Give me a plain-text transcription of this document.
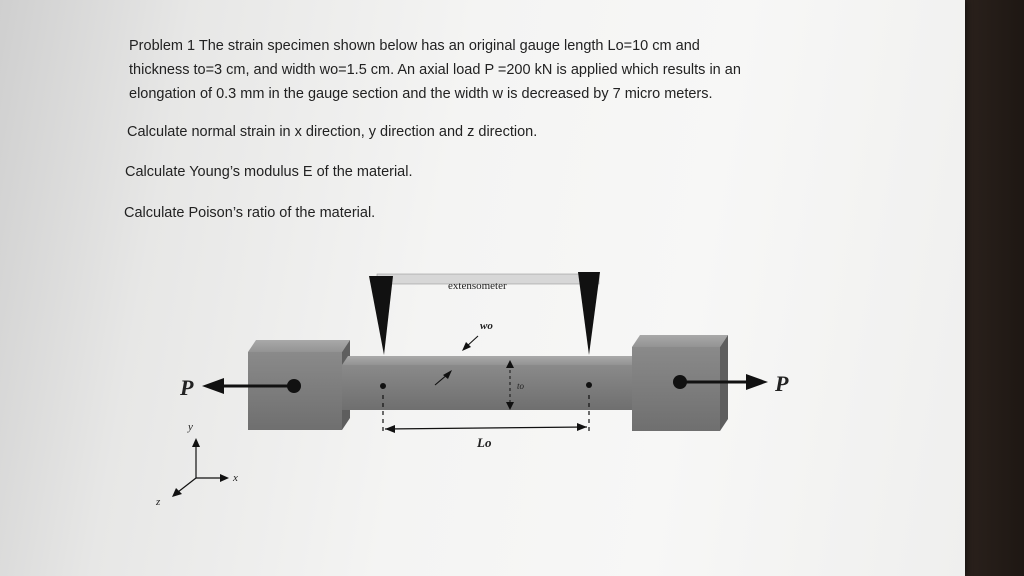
Problem 1 The strain specimen shown below has an original gauge length Lo=10 cm and
thickness to=3 cm, and width wo=1.5 cm. An axial load P =200 kN is applied which results in an
elongation of 0.3 mm in the gauge section and the width w is decreased by 7 micro meters.
Calculate normal strain in x direction, y direction and z direction.
Calculate Young’s modulus E of the material.
Calculate Poison’s ratio of the material.
extensometer
Lo
to
wo
P	P
y
x
z
